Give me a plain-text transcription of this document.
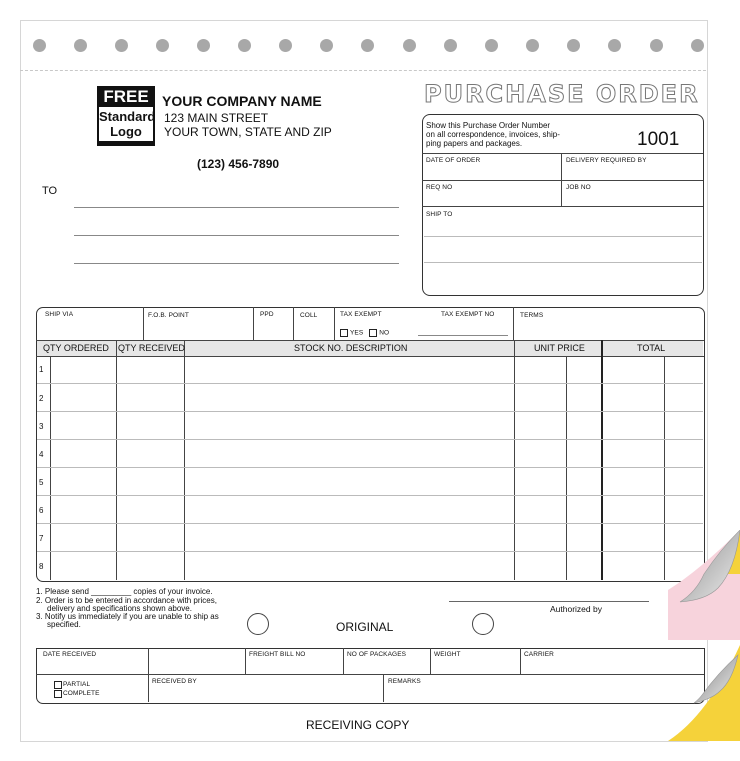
FREE
Standard
Logo
YOUR COMPANY NAME
123 MAIN STREET
YOUR TOWN, STATE AND ZIP
(123) 456-7890
TO
PURCHASE ORDER
Show this Purchase Order Number
on all correspondence, invoices, ship-
ping papers and packages.	1001
DATE OF ORDER	DELIVERY REQUIRED BY
REQ NO	JOB NO
SHIP TO
SHIP VIA	F.O.B. POINT	PPD	COLL	TAX EXEMPT	TAX EXEMPT NO
YES NO
TERMS
QTY ORDERED QTY RECEIVED	STOCK NO. DESCRIPTION	UNIT PRICE	TOTAL
1
2
3
4
5
6
7
8
1. Please send _________ copies of your invoice.
2. Order is to be entered in accordance with prices,
delivery and specifications shown above.
3. Notify us immediately if you are unable to ship as
specified.	ORIGINAL
Authorized by
DATE RECEIVED	FREIGHT BILL NO	NO OF PACKAGES	WEIGHT	CARRIER
PARTIAL
COMPLETE
RECEIVED BY	REMARKS
RECEIVING COPY
